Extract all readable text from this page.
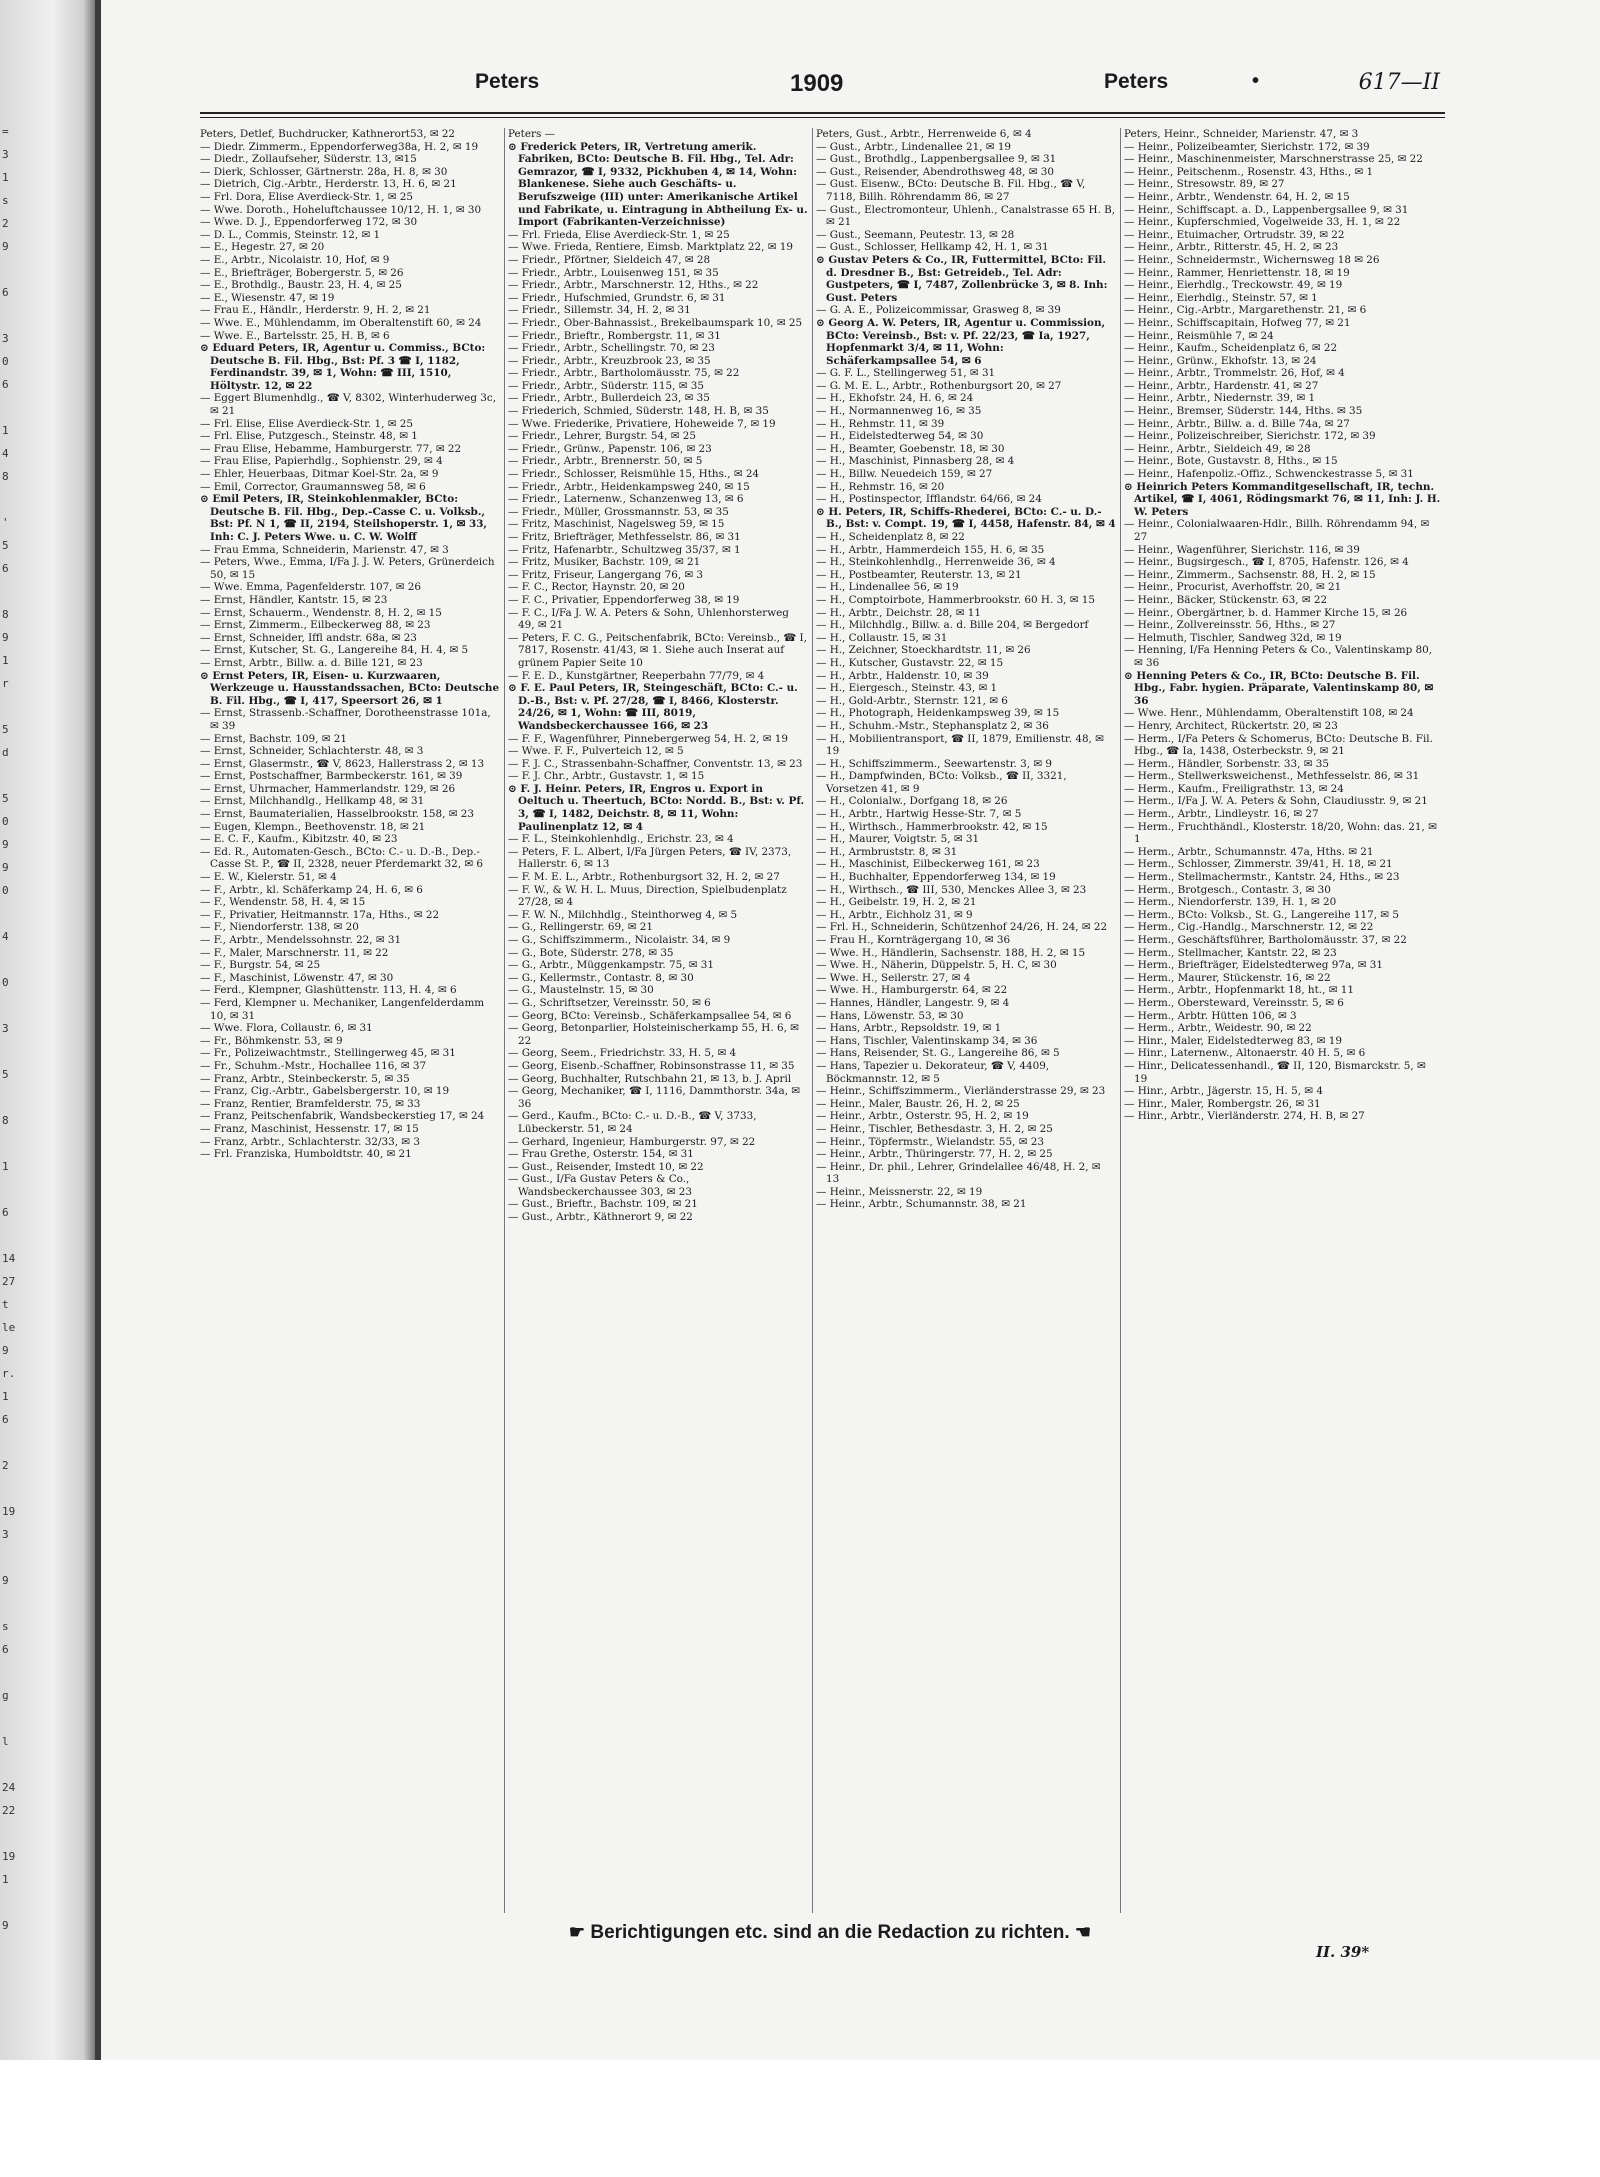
=
3
1
s
2
9

6

3
0
6

1
4
8

'
5
6

8
9
1
r

5
d

5
0
9
9
0

4

0

3

5

8

1

6

14
27
t
le
9
r.
1
6

2

19
3

9

s
6

g

l

24
22

19
1

9
Peters	1909	Peters	•	617—II

Peters, Detlef, Buchdrucker, Kathnerort53, ✉ 22

— Diedr. Zimmerm., Eppendorferweg38a, H. 2, ✉ 19

— Diedr., Zollaufseher, Süderstr. 13, ✉15

— Dierk, Schlosser, Gärtnerstr. 28a, H. 8, ✉ 30

— Dietrich, Cig.-Arbtr., Herderstr. 13, H. 6, ✉ 21

— Frl. Dora, Elise Averdieck-Str. 1, ✉ 25

— Wwe. Doroth., Hoheluftchaussee 10/12, H. 1, ✉ 30

— Wwe. D. J., Eppendorferweg 172, ✉ 30

— D. L., Commis, Steinstr. 12, ✉ 1

— E., Hegestr. 27, ✉ 20

— E., Arbtr., Nicolaistr. 10, Hof, ✉ 9

— E., Briefträger, Bobergerstr. 5, ✉ 26

— E., Brothdlg., Baustr. 23, H. 4, ✉ 25

— E., Wiesenstr. 47, ✉ 19

— Frau E., Händlr., Herderstr. 9, H. 2, ✉ 21

— Wwe. E., Mühlendamm, im Oberaltenstift 60, ✉ 24

— Wwe. E., Bartelsstr. 25, H. B, ✉ 6

⊙ Eduard Peters, IR, Agentur u. Commiss., BCto: Deutsche B. Fil. Hbg., Bst: Pf. 3 ☎ I, 1182, Ferdinandstr. 39, ✉ 1, Wohn: ☎ III, 1510, Höltystr. 12, ✉ 22

— Eggert Blumenhdlg., ☎ V, 8302, Winterhuderweg 3c, ✉ 21

— Frl. Elise, Elise Averdieck-Str. 1, ✉ 25

— Frl. Elise, Putzgesch., Steinstr. 48, ✉ 1

— Frau Elise, Hebamme, Hamburgerstr. 77, ✉ 22

— Frau Elise, Papierhdlg., Sophienstr. 29, ✉ 4

— Ehler, Heuerbaas, Ditmar Koel-Str. 2a, ✉ 9

— Emil, Corrector, Graumannsweg 58, ✉ 6

⊙ Emil Peters, IR, Steinkohlenmakler, BCto: Deutsche B. Fil. Hbg., Dep.-Casse C. u. Volksb., Bst: Pf. N 1, ☎ II, 2194, Steilshoperstr. 1, ✉ 33, Inh: C. J. Peters Wwe. u. C. W. Wolff

— Frau Emma, Schneiderin, Marienstr. 47, ✉ 3

— Peters, Wwe., Emma, I/Fa J. J. W. Peters, Grünerdeich 50, ✉ 15

— Wwe. Emma, Pagenfelderstr. 107, ✉ 26

— Ernst, Händler, Kantstr. 15, ✉ 23

— Ernst, Schauerm., Wendenstr. 8, H. 2, ✉ 15

— Ernst, Zimmerm., Eilbeckerweg 88, ✉ 23

— Ernst, Schneider, Iffl andstr. 68a, ✉ 23

— Ernst, Kutscher, St. G., Langereihe 84, H. 4, ✉ 5

— Ernst, Arbtr., Billw. a. d. Bille 121, ✉ 23

⊙ Ernst Peters, IR, Eisen- u. Kurzwaaren, Werkzeuge u. Hausstandssachen, BCto: Deutsche B. Fil. Hbg., ☎ I, 417, Speersort 26, ✉ 1

— Ernst, Strassenb.-Schaffner, Dorotheenstrasse 101a, ✉ 39

— Ernst, Bachstr. 109, ✉ 21

— Ernst, Schneider, Schlachterstr. 48, ✉ 3

— Ernst, Glasermstr., ☎ V, 8623, Hallerstrass 2, ✉ 13

— Ernst, Postschaffner, Barmbeckerstr. 161, ✉ 39

— Ernst, Uhrmacher, Hammerlandstr. 129, ✉ 26

— Ernst, Milchhandlg., Hellkamp 48, ✉ 31

— Ernst, Baumaterialien, Hasselbrookstr. 158, ✉ 23

— Eugen, Klempn., Beethovenstr. 18, ✉ 21

— E. C. F., Kaufm., Kibitzstr. 40, ✉ 23

— Ed. R., Automaten-Gesch., BCto: C.- u. D.-B., Dep.-Casse St. P., ☎ II, 2328, neuer Pferdemarkt 32, ✉ 6

— E. W., Kielerstr. 51, ✉ 4

— F., Arbtr., kl. Schäferkamp 24, H. 6, ✉ 6

— F., Wendenstr. 58, H. 4, ✉ 15

— F., Privatier, Heitmannstr. 17a, Hths., ✉ 22

— F., Niendorferstr. 138, ✉ 20

— F., Arbtr., Mendelssohnstr. 22, ✉ 31

— F., Maler, Marschnerstr. 11, ✉ 22

— F., Burgstr. 54, ✉ 25

— F., Maschinist, Löwenstr. 47, ✉ 30

— Ferd., Klempner, Glashüttenstr. 113, H. 4, ✉ 6

— Ferd, Klempner u. Mechaniker, Langenfelderdamm 10, ✉ 31

— Wwe. Flora, Collaustr. 6, ✉ 31

— Fr., Böhmkenstr. 53, ✉ 9

— Fr., Polizeiwachtmstr., Stellingerweg 45, ✉ 31

— Fr., Schuhm.-Mstr., Hochallee 116, ✉ 37

— Franz, Arbtr., Steinbeckerstr. 5, ✉ 35

— Franz, Cig.-Arbtr., Gabelsbergerstr. 10, ✉ 19

— Franz, Rentier, Bramfelderstr. 75, ✉ 33

— Franz, Peitschenfabrik, Wandsbeckerstieg 17, ✉ 24

— Franz, Maschinist, Hessenstr. 17, ✉ 15

— Franz, Arbtr., Schlachterstr. 32/33, ✉ 3

— Frl. Franziska, Humboldtstr. 40, ✉ 21

Peters —

⊙ Frederick Peters, IR, Vertretung amerik. Fabriken, BCto: Deutsche B. Fil. Hbg., Tel. Adr: Gemrazor, ☎ I, 9332, Pickhuben 4, ✉ 14, Wohn: Blankenese. Siehe auch Geschäfts- u. Berufszweige (III) unter: Amerikanische Artikel und Fabrikate, u. Eintragung in Abtheilung Ex- u. Import (Fabrikanten-Verzeichnisse)

— Frl. Frieda, Elise Averdieck-Str. 1, ✉ 25

— Wwe. Frieda, Rentiere, Eimsb. Marktplatz 22, ✉ 19

— Friedr., Pförtner, Sieldeich 47, ✉ 28

— Friedr., Arbtr., Louisenweg 151, ✉ 35

— Friedr., Arbtr., Marschnerstr. 12, Hths., ✉ 22

— Friedr., Hufschmied, Grundstr. 6, ✉ 31

— Friedr., Sillemstr. 34, H. 2, ✉ 31

— Friedr., Ober-Bahnassist., Brekelbaumspark 10, ✉ 25

— Friedr., Brieftr., Rombergstr. 11, ✉ 31

— Friedr., Arbtr., Schellingstr. 70, ✉ 23

— Friedr., Arbtr., Kreuzbrook 23, ✉ 35

— Friedr., Arbtr., Bartholomäusstr. 75, ✉ 22

— Friedr., Arbtr., Süderstr. 115, ✉ 35

— Friedr., Arbtr., Bullerdeich 23, ✉ 35

— Friederich, Schmied, Süderstr. 148, H. B, ✉ 35

— Wwe. Friederike, Privatiere, Hoheweide 7, ✉ 19

— Friedr., Lehrer, Burgstr. 54, ✉ 25

— Friedr., Grünw., Papenstr. 106, ✉ 23

— Friedr., Arbtr., Brennerstr. 50, ✉ 5

— Friedr., Schlosser, Reismühle 15, Hths., ✉ 24

— Friedr., Arbtr., Heidenkampsweg 240, ✉ 15

— Friedr., Laternenw., Schanzenweg 13, ✉ 6

— Friedr., Müller, Grossmannstr. 53, ✉ 35

— Fritz, Maschinist, Nagelsweg 59, ✉ 15

— Fritz, Briefträger, Methfesselstr. 86, ✉ 31

— Fritz, Hafenarbtr., Schultzweg 35/37, ✉ 1

— Fritz, Musiker, Bachstr. 109, ✉ 21

— Fritz, Friseur, Langergang 76, ✉ 3

— F. C., Rector, Haynstr. 20, ✉ 20

— F. C., Privatier, Eppendorferweg 38, ✉ 19

— F. C., I/Fa J. W. A. Peters & Sohn, Uhlenhorsterweg 49, ✉ 21

— Peters, F. C. G., Peitschenfabrik, BCto: Vereinsb., ☎ I, 7817, Rosenstr. 41/43, ✉ 1. Siehe auch Inserat auf grünem Papier Seite 10

— F. E. D., Kunstgärtner, Reeperbahn 77/79, ✉ 4

⊙ F. E. Paul Peters, IR, Steingeschäft, BCto: C.- u. D.-B., Bst: v. Pf. 27/28, ☎ I, 8466, Klosterstr. 24/26, ✉ 1, Wohn: ☎ III, 8019, Wandsbeckerchaussee 166, ✉ 23

— F. F., Wagenführer, Pinnebergerweg 54, H. 2, ✉ 19

— Wwe. F. F., Pulverteich 12, ✉ 5

— F. J. C., Strassenbahn-Schaffner, Conventstr. 13, ✉ 23

— F. J. Chr., Arbtr., Gustavstr. 1, ✉ 15

⊙ F. J. Heinr. Peters, IR, Engros u. Export in Oeltuch u. Theertuch, BCto: Nordd. B., Bst: v. Pf. 3, ☎ I, 1482, Deichstr. 8, ✉ 11, Wohn: Paulinenplatz 12, ✉ 4

— F. L., Steinkohlenhdlg., Erichstr. 23, ✉ 4

— Peters, F. L. Albert, I/Fa Jürgen Peters, ☎ IV, 2373, Hallerstr. 6, ✉ 13

— F. M. E. L., Arbtr., Rothenburgsort 32, H. 2, ✉ 27

— F. W., & W. H. L. Muus, Direction, Spielbudenplatz 27/28, ✉ 4

— F. W. N., Milchhdlg., Steinthorweg 4, ✉ 5

— G., Rellingerstr. 69, ✉ 21

— G., Schiffszimmerm., Nicolaistr. 34, ✉ 9

— G., Bote, Süderstr. 278, ✉ 35

— G., Arbtr., Müggenkampstr. 75, ✉ 31

— G., Kellermstr., Contastr. 8, ✉ 30

— G., Maustelnstr. 15, ✉ 30

— G., Schriftsetzer, Vereinsstr. 50, ✉ 6

— Georg, BCto: Vereinsb., Schäferkampsallee 54, ✉ 6

— Georg, Betonparlier, Holsteinischerkamp 55, H. 6, ✉ 22

— Georg, Seem., Friedrichstr. 33, H. 5, ✉ 4

— Georg, Eisenb.-Schaffner, Robinsonstrasse 11, ✉ 35

— Georg, Buchhalter, Rutschbahn 21, ✉ 13, b. J. April

— Georg, Mechaniker, ☎ I, 1116, Dammthorstr. 34a, ✉ 36

— Gerd., Kaufm., BCto: C.- u. D.-B., ☎ V, 3733, Lübeckerstr. 51, ✉ 24

— Gerhard, Ingenieur, Hamburgerstr. 97, ✉ 22

— Frau Grethe, Osterstr. 154, ✉ 31

— Gust., Reisender, Imstedt 10, ✉ 22

— Gust., I/Fa Gustav Peters & Co., Wandsbeckerchaussee 303, ✉ 23

— Gust., Brieftr., Bachstr. 109, ✉ 21

— Gust., Arbtr., Käthnerort 9, ✉ 22

Peters, Gust., Arbtr., Herrenweide 6, ✉ 4

— Gust., Arbtr., Lindenallee 21, ✉ 19

— Gust., Brothdlg., Lappenbergsallee 9, ✉ 31

— Gust., Reisender, Abendrothsweg 48, ✉ 30

— Gust. Eisenw., BCto: Deutsche B. Fil. Hbg., ☎ V, 7118, Billh. Röhrendamm 86, ✉ 27

— Gust., Electromonteur, Uhlenh., Canalstrasse 65 H. B, ✉ 21

— Gust., Seemann, Peutestr. 13, ✉ 28

— Gust., Schlosser, Hellkamp 42, H. 1, ✉ 31

⊙ Gustav Peters & Co., IR, Futtermittel, BCto: Fil. d. Dresdner B., Bst: Getreideb., Tel. Adr: Gustpeters, ☎ I, 7487, Zollenbrücke 3, ✉ 8. Inh: Gust. Peters

— G. A. E., Polizeicommissar, Grasweg 8, ✉ 39

⊙ Georg A. W. Peters, IR, Agentur u. Commission, BCto: Vereinsb., Bst: v. Pf. 22/23, ☎ Ia, 1927, Hopfenmarkt 3/4, ✉ 11, Wohn: Schäferkampsallee 54, ✉ 6

— G. F. L., Stellingerweg 51, ✉ 31

— G. M. E. L., Arbtr., Rothenburgsort 20, ✉ 27

— H., Ekhofstr. 24, H. 6, ✉ 24

— H., Normannenweg 16, ✉ 35

— H., Rehmstr. 11, ✉ 39

— H., Eidelstedterweg 54, ✉ 30

— H., Beamter, Goebenstr. 18, ✉ 30

— H., Maschinist, Pinnasberg 28, ✉ 4

— H., Billw. Neuedeich 159, ✉ 27

— H., Rehmstr. 16, ✉ 20

— H., Postinspector, Ifflandstr. 64/66, ✉ 24

⊙ H. Peters, IR, Schiffs-Rhederei, BCto: C.- u. D.-B., Bst: v. Compt. 19, ☎ I, 4458, Hafenstr. 84, ✉ 4

— H., Scheidenplatz 8, ✉ 22

— H., Arbtr., Hammerdeich 155, H. 6, ✉ 35

— H., Steinkohlenhdlg., Herrenweide 36, ✉ 4

— H., Postbeamter, Reuterstr. 13, ✉ 21

— H., Lindenallee 56, ✉ 19

— H., Comptoirbote, Hammerbrookstr. 60 H. 3, ✉ 15

— H., Arbtr., Deichstr. 28, ✉ 11

— H., Milchhdlg., Billw. a. d. Bille 204, ✉ Bergedorf

— H., Collaustr. 15, ✉ 31

— H., Zeichner, Stoeckhardtstr. 11, ✉ 26

— H., Kutscher, Gustavstr. 22, ✉ 15

— H., Arbtr., Haldenstr. 10, ✉ 39

— H., Eiergesch., Steinstr. 43, ✉ 1

— H., Gold-Arbtr., Sternstr. 121, ✉ 6

— H., Photograph, Heidenkampsweg 39, ✉ 15

— H., Schuhm.-Mstr., Stephansplatz 2, ✉ 36

— H., Mobilientransport, ☎ II, 1879, Emilienstr. 48, ✉ 19

— H., Schiffszimmerm., Seewartenstr. 3, ✉ 9

— H., Dampfwinden, BCto: Volksb., ☎ II, 3321, Vorsetzen 41, ✉ 9

— H., Colonialw., Dorfgang 18, ✉ 26

— H., Arbtr., Hartwig Hesse-Str. 7, ✉ 5

— H., Wirthsch., Hammerbrookstr. 42, ✉ 15

— H., Maurer, Voigtstr. 5, ✉ 31

— H., Armbruststr. 8, ✉ 31

— H., Maschinist, Eilbeckerweg 161, ✉ 23

— H., Buchhalter, Eppendorferweg 134, ✉ 19

— H., Wirthsch., ☎ III, 530, Menckes Allee 3, ✉ 23

— H., Geibelstr. 19, H. 2, ✉ 21

— H., Arbtr., Eichholz 31, ✉ 9

— Frl. H., Schneiderin, Schützenhof 24/26, H. 24, ✉ 22

— Frau H., Kornträgergang 10, ✉ 36

— Wwe. H., Händlerin, Sachsenstr. 188, H. 2, ✉ 15

— Wwe. H., Näherin, Düppelstr. 5, H. C, ✉ 30

— Wwe. H., Seilerstr. 27, ✉ 4

— Wwe. H., Hamburgerstr. 64, ✉ 22

— Hannes, Händler, Langestr. 9, ✉ 4

— Hans, Löwenstr. 53, ✉ 30

— Hans, Arbtr., Repsoldstr. 19, ✉ 1

— Hans, Tischler, Valentinskamp 34, ✉ 36

— Hans, Reisender, St. G., Langereihe 86, ✉ 5

— Hans, Tapezier u. Dekorateur, ☎ V, 4409, Böckmannstr. 12, ✉ 5

— Heinr., Schiffszimmerm., Vierländerstrasse 29, ✉ 23

— Heinr., Maler, Baustr. 26, H. 2, ✉ 25

— Heinr., Arbtr., Osterstr. 95, H. 2, ✉ 19

— Heinr., Tischler, Bethesdastr. 3, H. 2, ✉ 25

— Heinr., Töpfermstr., Wielandstr. 55, ✉ 23

— Heinr., Arbtr., Thüringerstr. 77, H. 2, ✉ 25

— Heinr., Dr. phil., Lehrer, Grindelallee 46/48, H. 2, ✉ 13

— Heinr., Meissnerstr. 22, ✉ 19

— Heinr., Arbtr., Schumannstr. 38, ✉ 21

Peters, Heinr., Schneider, Marienstr. 47, ✉ 3

— Heinr., Polizeibeamter, Sierichstr. 172, ✉ 39

— Heinr., Maschinenmeister, Marschnerstrasse 25, ✉ 22

— Heinr., Peitschenm., Rosenstr. 43, Hths., ✉ 1

— Heinr., Stresowstr. 89, ✉ 27

— Heinr., Arbtr., Wendenstr. 64, H. 2, ✉ 15

— Heinr., Schiffscapt. a. D., Lappenbergsallee 9, ✉ 31

— Heinr., Kupferschmied, Vogelweide 33, H. 1, ✉ 22

— Heinr., Etuimacher, Ortrudstr. 39, ✉ 22

— Heinr., Arbtr., Ritterstr. 45, H. 2, ✉ 23

— Heinr., Schneidermstr., Wichernsweg 18 ✉ 26

— Heinr., Rammer, Henriettenstr. 18, ✉ 19

— Heinr., Eierhdlg., Treckowstr. 49, ✉ 19

— Heinr., Eierhdlg., Steinstr. 57, ✉ 1

— Heinr., Cig.-Arbtr., Margarethenstr. 21, ✉ 6

— Heinr., Schiffscapitain, Hofweg 77, ✉ 21

— Heinr., Reismühle 7, ✉ 24

— Heinr., Kaufm., Scheidenplatz 6, ✉ 22

— Heinr., Grünw., Ekhofstr. 13, ✉ 24

— Heinr., Arbtr., Trommelstr. 26, Hof, ✉ 4

— Heinr., Arbtr., Hardenstr. 41, ✉ 27

— Heinr., Arbtr., Niedernstr. 39, ✉ 1

— Heinr., Bremser, Süderstr. 144, Hths. ✉ 35

— Heinr., Arbtr., Billw. a. d. Bille 74a, ✉ 27

— Heinr., Polizeischreiber, Sierichstr. 172, ✉ 39

— Heinr., Arbtr., Sieldeich 49, ✉ 28

— Heinr., Bote, Gustavstr. 8, Hths., ✉ 15

— Heinr., Hafenpoliz.-Offiz., Schwenckestrasse 5, ✉ 31

⊙ Heinrich Peters Kommanditgesellschaft, IR, techn. Artikel, ☎ I, 4061, Rödingsmarkt 76, ✉ 11, Inh: J. H. W. Peters

— Heinr., Colonialwaaren-Hdlr., Billh. Röhrendamm 94, ✉ 27

— Heinr., Wagenführer, Sierichstr. 116, ✉ 39

— Heinr., Bugsirgesch., ☎ I, 8705, Hafenstr. 126, ✉ 4

— Heinr., Zimmerm., Sachsenstr. 88, H. 2, ✉ 15

— Heinr., Procurist, Averhoffstr. 20, ✉ 21

— Heinr., Bäcker, Stückenstr. 63, ✉ 22

— Heinr., Obergärtner, b. d. Hammer Kirche 15, ✉ 26

— Heinr., Zollvereinsstr. 56, Hths., ✉ 27

— Helmuth, Tischler, Sandweg 32d, ✉ 19

— Henning, I/Fa Henning Peters & Co., Valentinskamp 80, ✉ 36

⊙ Henning Peters & Co., IR, BCto: Deutsche B. Fil. Hbg., Fabr. hygien. Präparate, Valentinskamp 80, ✉ 36

— Wwe. Henr., Mühlendamm, Oberaltenstift 108, ✉ 24

— Henry, Architect, Rückertstr. 20, ✉ 23

— Herm., I/Fa Peters & Schomerus, BCto: Deutsche B. Fil. Hbg., ☎ Ia, 1438, Osterbeckstr. 9, ✉ 21

— Herm., Händler, Sorbenstr. 33, ✉ 35

— Herm., Stellwerksweichenst., Methfesselstr. 86, ✉ 31

— Herm., Kaufm., Freiligrathstr. 13, ✉ 24

— Herm., I/Fa J. W. A. Peters & Sohn, Claudiusstr. 9, ✉ 21

— Herm., Arbtr., Lindleystr. 16, ✉ 27

— Herm., Fruchthändl., Klosterstr. 18/20, Wohn: das. 21, ✉ 1

— Herm., Arbtr., Schumannstr. 47a, Hths. ✉ 21

— Herm., Schlosser, Zimmerstr. 39/41, H. 18, ✉ 21

— Herm., Stellmachermstr., Kantstr. 24, Hths., ✉ 23

— Herm., Brotgesch., Contastr. 3, ✉ 30

— Herm., Niendorferstr. 139, H. 1, ✉ 20

— Herm., BCto: Volksb., St. G., Langereihe 117, ✉ 5

— Herm., Cig.-Handlg., Marschnerstr. 12, ✉ 22

— Herm., Geschäftsführer, Bartholomäusstr. 37, ✉ 22

— Herm., Stellmacher, Kantstr. 22, ✉ 23

— Herm., Briefträger, Eidelstedterweg 97a, ✉ 31

— Herm., Maurer, Stückenstr. 16, ✉ 22

— Herm., Arbtr., Hopfenmarkt 18, ht., ✉ 11

— Herm., Obersteward, Vereinsstr. 5, ✉ 6

— Herm., Arbtr. Hütten 106, ✉ 3

— Herm., Arbtr., Weidestr. 90, ✉ 22

— Hinr., Maler, Eidelstedterweg 83, ✉ 19

— Hinr., Laternenw., Altonaerstr. 40 H. 5, ✉ 6

— Hinr., Delicatessenhandl., ☎ II, 120, Bismarckstr. 5, ✉ 19

— Hinr., Arbtr., Jägerstr. 15, H. 5, ✉ 4

— Hinr., Maler, Rombergstr. 26, ✉ 31

— Hinr., Arbtr., Vierländerstr. 274, H. B, ✉ 27

☛ Berichtigungen etc. sind an die Redaction zu richten. ☚
II. 39*
